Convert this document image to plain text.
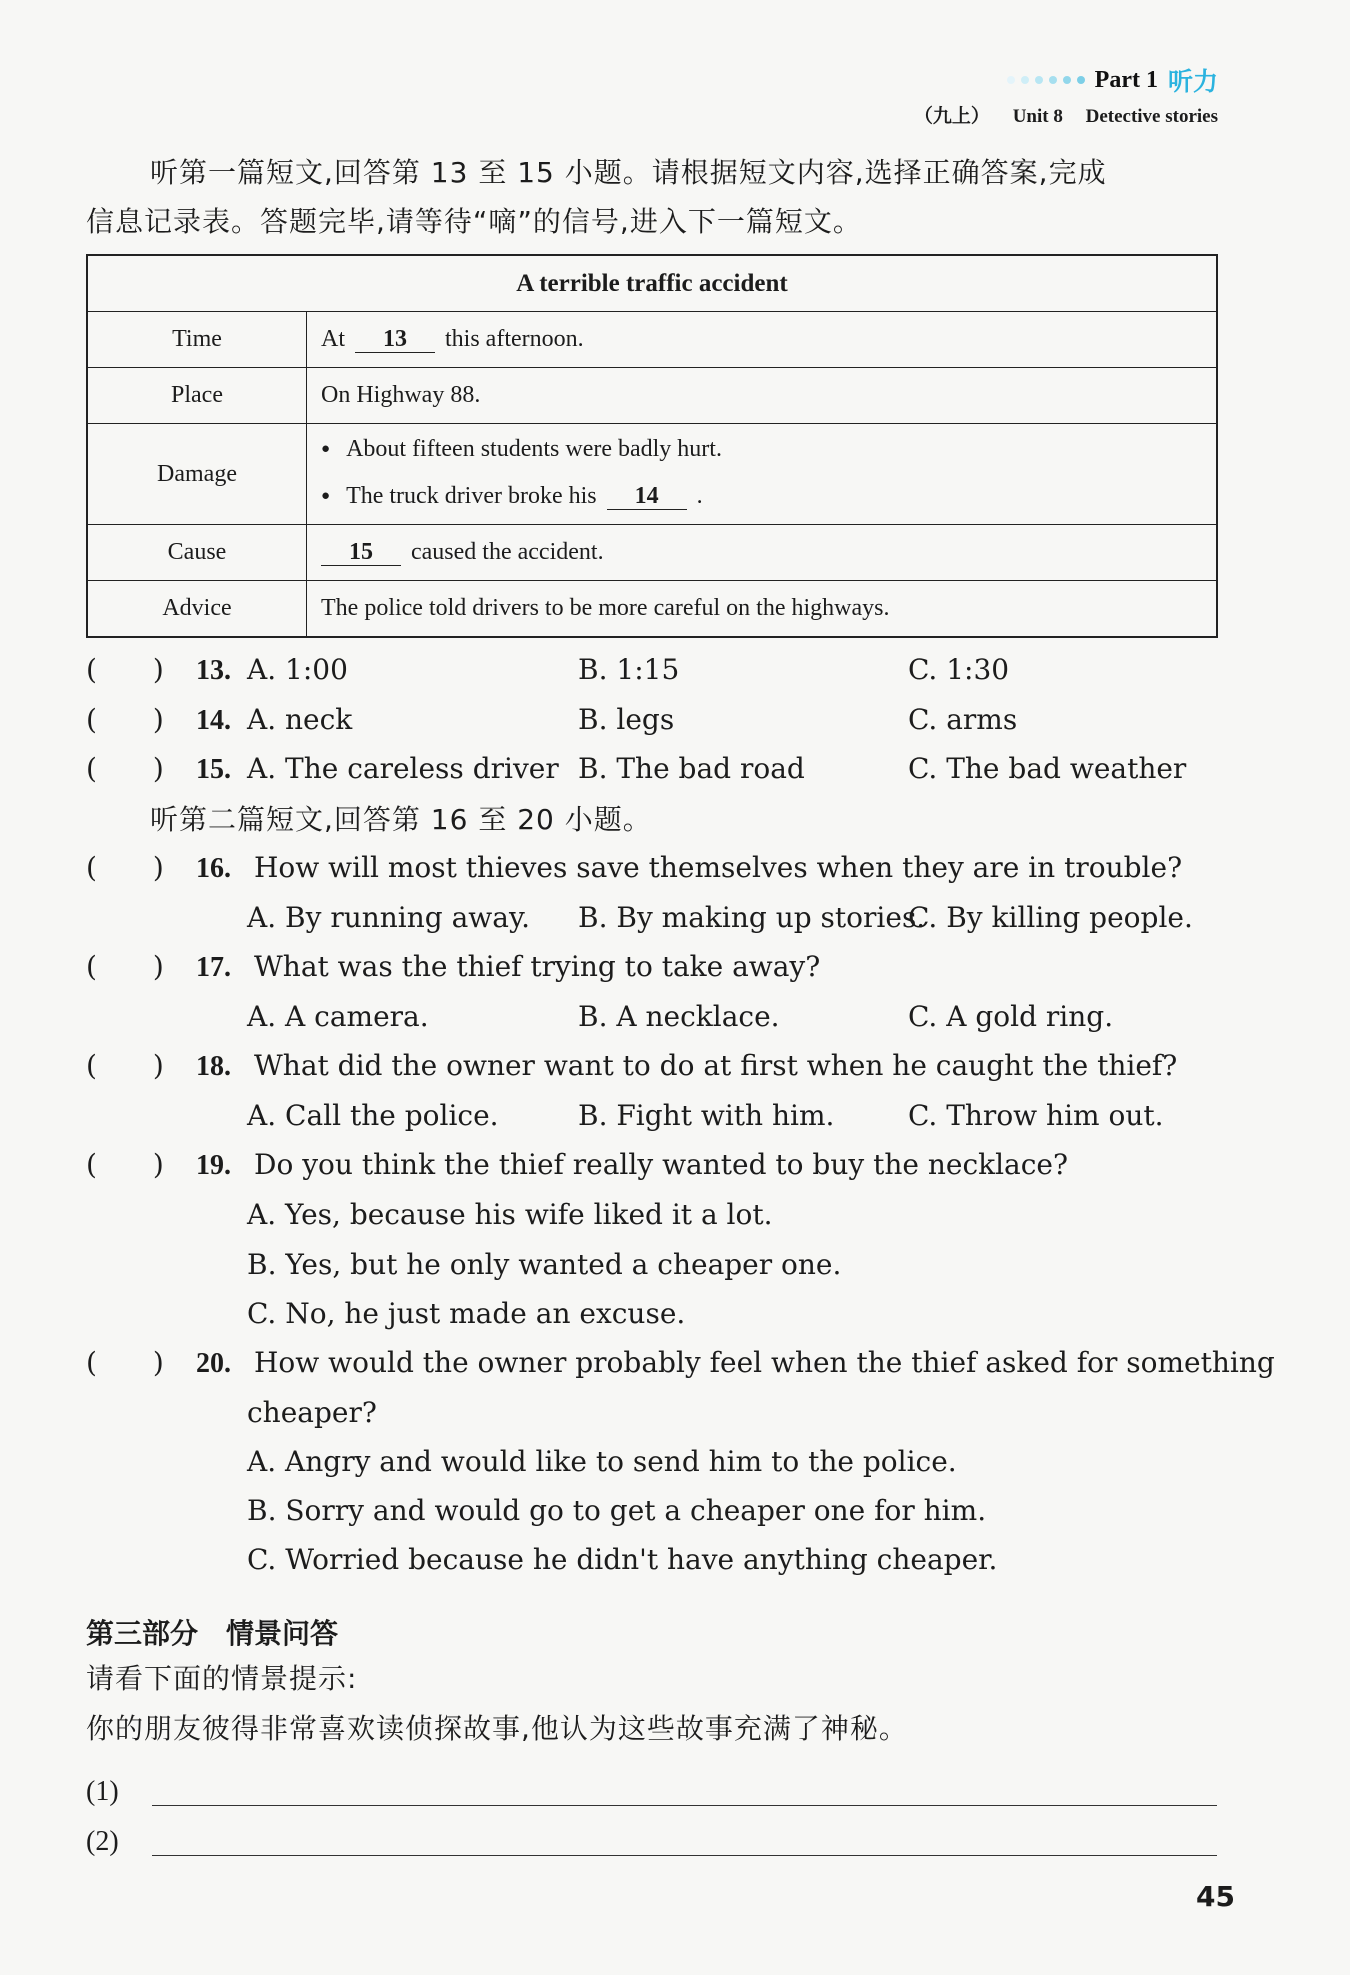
Part 1 听力
（九上） Unit 8 Detective stories
听第一篇短文,回答第 13 至 15 小题。请根据短文内容,选择正确答案,完成
信息记录表。答题完毕,请等待“嘀”的信号,进入下一篇短文。
A terrible traffic accident	
Time	At 13 this afternoon.
Place	On Highway 88.
Damage	● About fifteen students were badly hurt.
● The truck driver broke his 14 .

Cause	15 caused the accident.
Advice	The police told drivers to be more careful on the highways.
(　　) 13. A. 1:00	B. 1:15	C. 1:30
(　　) 14. A. neck	B. legs	C. arms
(　　) 15. A. The careless driver B. The bad road	C. The bad weather
听第二篇短文,回答第 16 至 20 小题。
(　　) 16. How will most thieves save themselves when they are in trouble?
A. By running away. B. By making up stories.
C. By killing people.
(　　) 17. What was the thief trying to take away?
A. A camera.	B. A necklace.	C. A gold ring.
(　　) 18. What did the owner want to do at first when he caught the thief?
A. Call the police.	B. Fight with him.	C. Throw him out.
(　　) 19. Do you think the thief really wanted to buy the necklace?
A. Yes, because his wife liked it a lot.
B. Yes, but he only wanted a cheaper one.
C. No, he just made an excuse.
(　　) 20. How would the owner probably feel when the thief asked for something
cheaper?
A. Angry and would like to send him to the police.
B. Sorry and would go to get a cheaper one for him.
C. Worried because he didn't have anything cheaper.
第三部分　情景问答
请看下面的情景提示:
你的朋友彼得非常喜欢读侦探故事,他认为这些故事充满了神秘。
(1)
(2)
45
